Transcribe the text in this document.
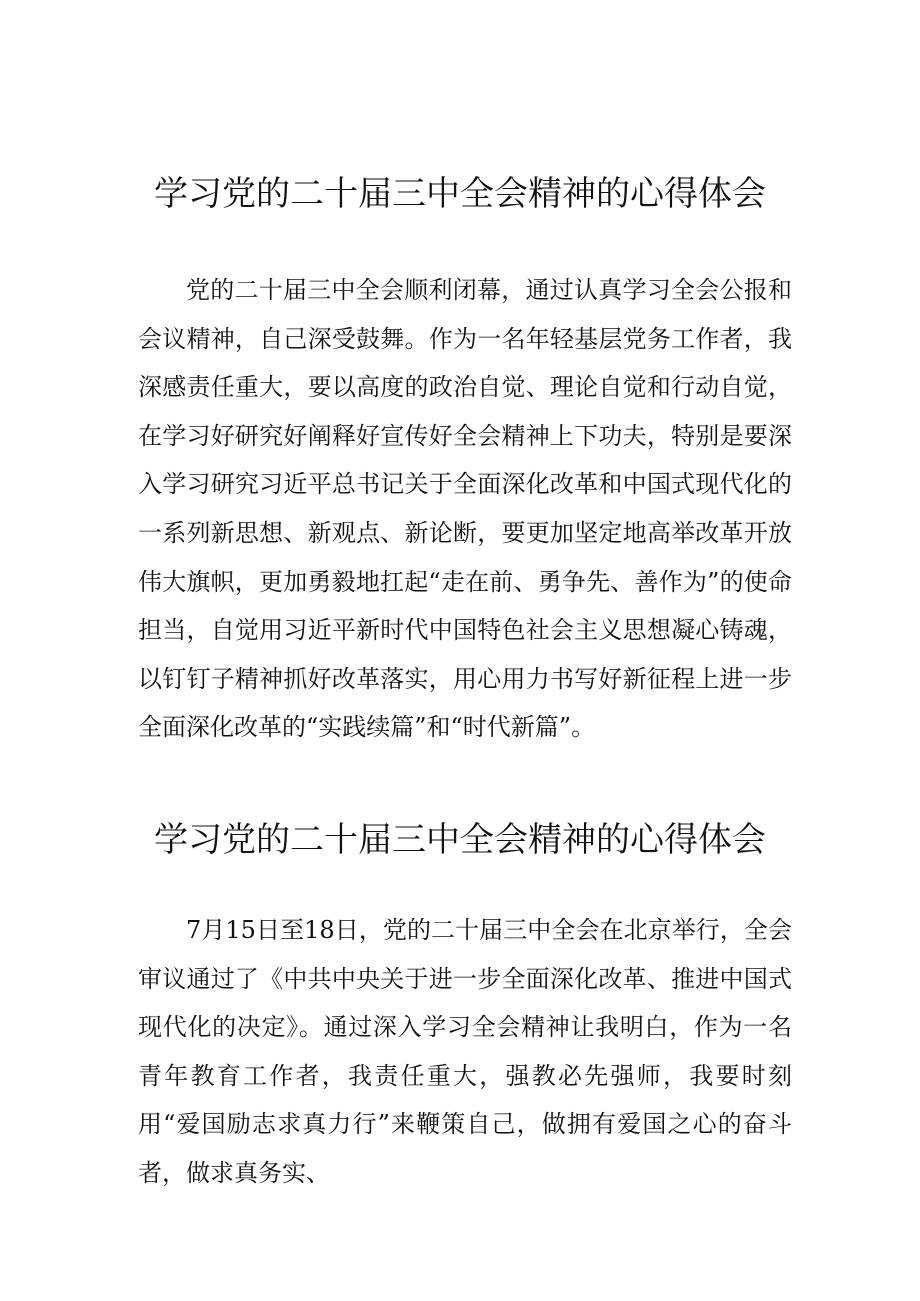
学习党的二十届三中全会精神的心得体会

党的二十届三中全会顺利闭幕，通过认真学习全会公报和会议精神，自己深受鼓舞。作为一名年轻基层党务工作者，我深感责任重大，要以高度的政治自觉、理论自觉和行动自觉，在学习好研究好阐释好宣传好全会精神上下功夫，特别是要深入学习研究习近平总书记关于全面深化改革和中国式现代化的一系列新思想、新观点、新论断，要更加坚定地高举改革开放伟大旗帜，更加勇毅地扛起“走在前、勇争先、善作为”的使命担当，自觉用习近平新时代中国特色社会主义思想凝心铸魂，以钉钉子精神抓好改革落实，用心用力书写好新征程上进一步全面深化改革的“实践续篇”和“时代新篇”。

学习党的二十届三中全会精神的心得体会

7月15日至18日，党的二十届三中全会在北京举行，全会审议通过了《中共中央关于进一步全面深化改革、推进中国式现代化的决定》。通过深入学习全会精神让我明白，作为一名青年教育工作者，我责任重大，强教必先强师，我要时刻用“爱国励志求真力行”来鞭策自己，做拥有爱国之心的奋斗者，做求真务实、
